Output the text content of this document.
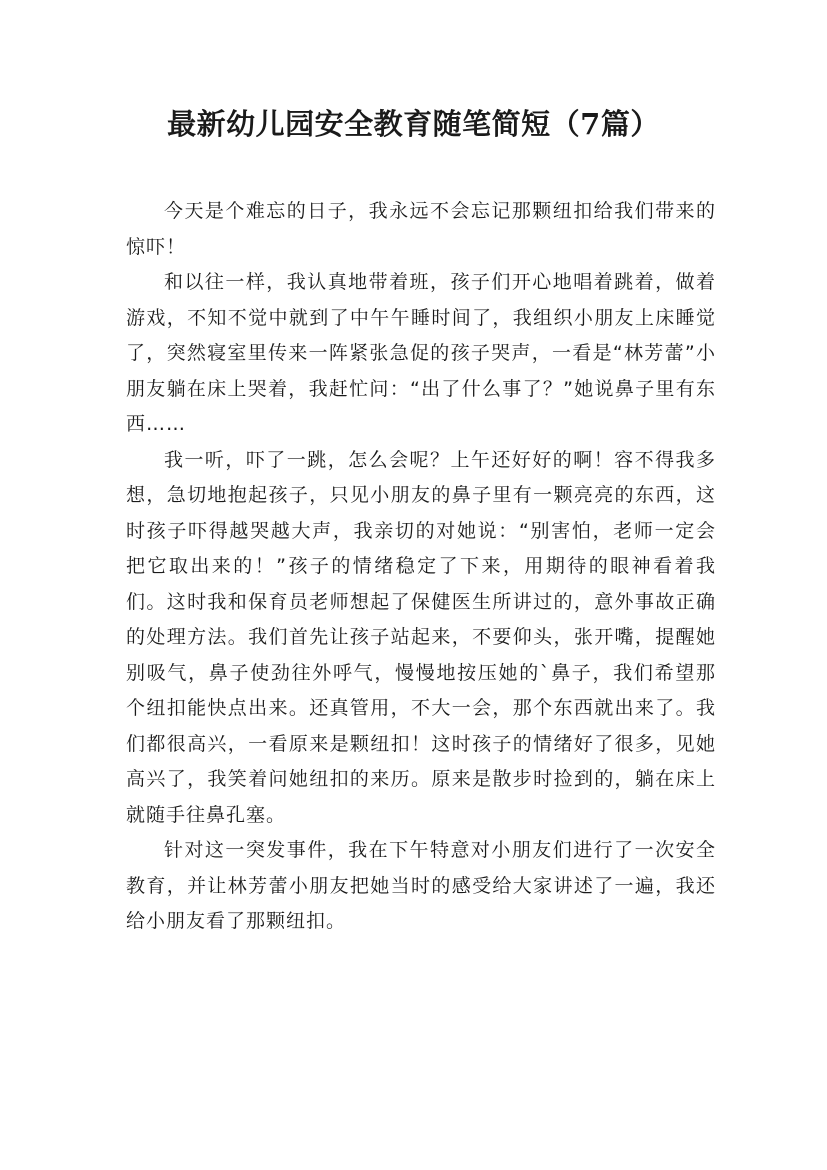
最新幼儿园安全教育随笔简短（7篇）

今天是个难忘的日子，我永远不会忘记那颗纽扣给我们带来的惊吓！

和以往一样，我认真地带着班，孩子们开心地唱着跳着，做着游戏，不知不觉中就到了中午午睡时间了，我组织小朋友上床睡觉了，突然寝室里传来一阵紧张急促的孩子哭声，一看是“林芳蕾”小朋友躺在床上哭着，我赶忙问：“出了什么事了？”她说鼻子里有东西……

我一听，吓了一跳，怎么会呢？上午还好好的啊！容不得我多想，急切地抱起孩子，只见小朋友的鼻子里有一颗亮亮的东西，这时孩子吓得越哭越大声，我亲切的对她说：“别害怕，老师一定会把它取出来的！”孩子的情绪稳定了下来，用期待的眼神看着我们。这时我和保育员老师想起了保健医生所讲过的，意外事故正确的处理方法。我们首先让孩子站起来，不要仰头，张开嘴，提醒她别吸气，鼻子使劲往外呼气，慢慢地按压她的`鼻子，我们希望那个纽扣能快点出来。还真管用，不大一会，那个东西就出来了。我们都很高兴，一看原来是颗纽扣！这时孩子的情绪好了很多，见她高兴了，我笑着问她纽扣的来历。原来是散步时捡到的，躺在床上就随手往鼻孔塞。

针对这一突发事件，我在下午特意对小朋友们进行了一次安全教育，并让林芳蕾小朋友把她当时的感受给大家讲述了一遍，我还给小朋友看了那颗纽扣。
